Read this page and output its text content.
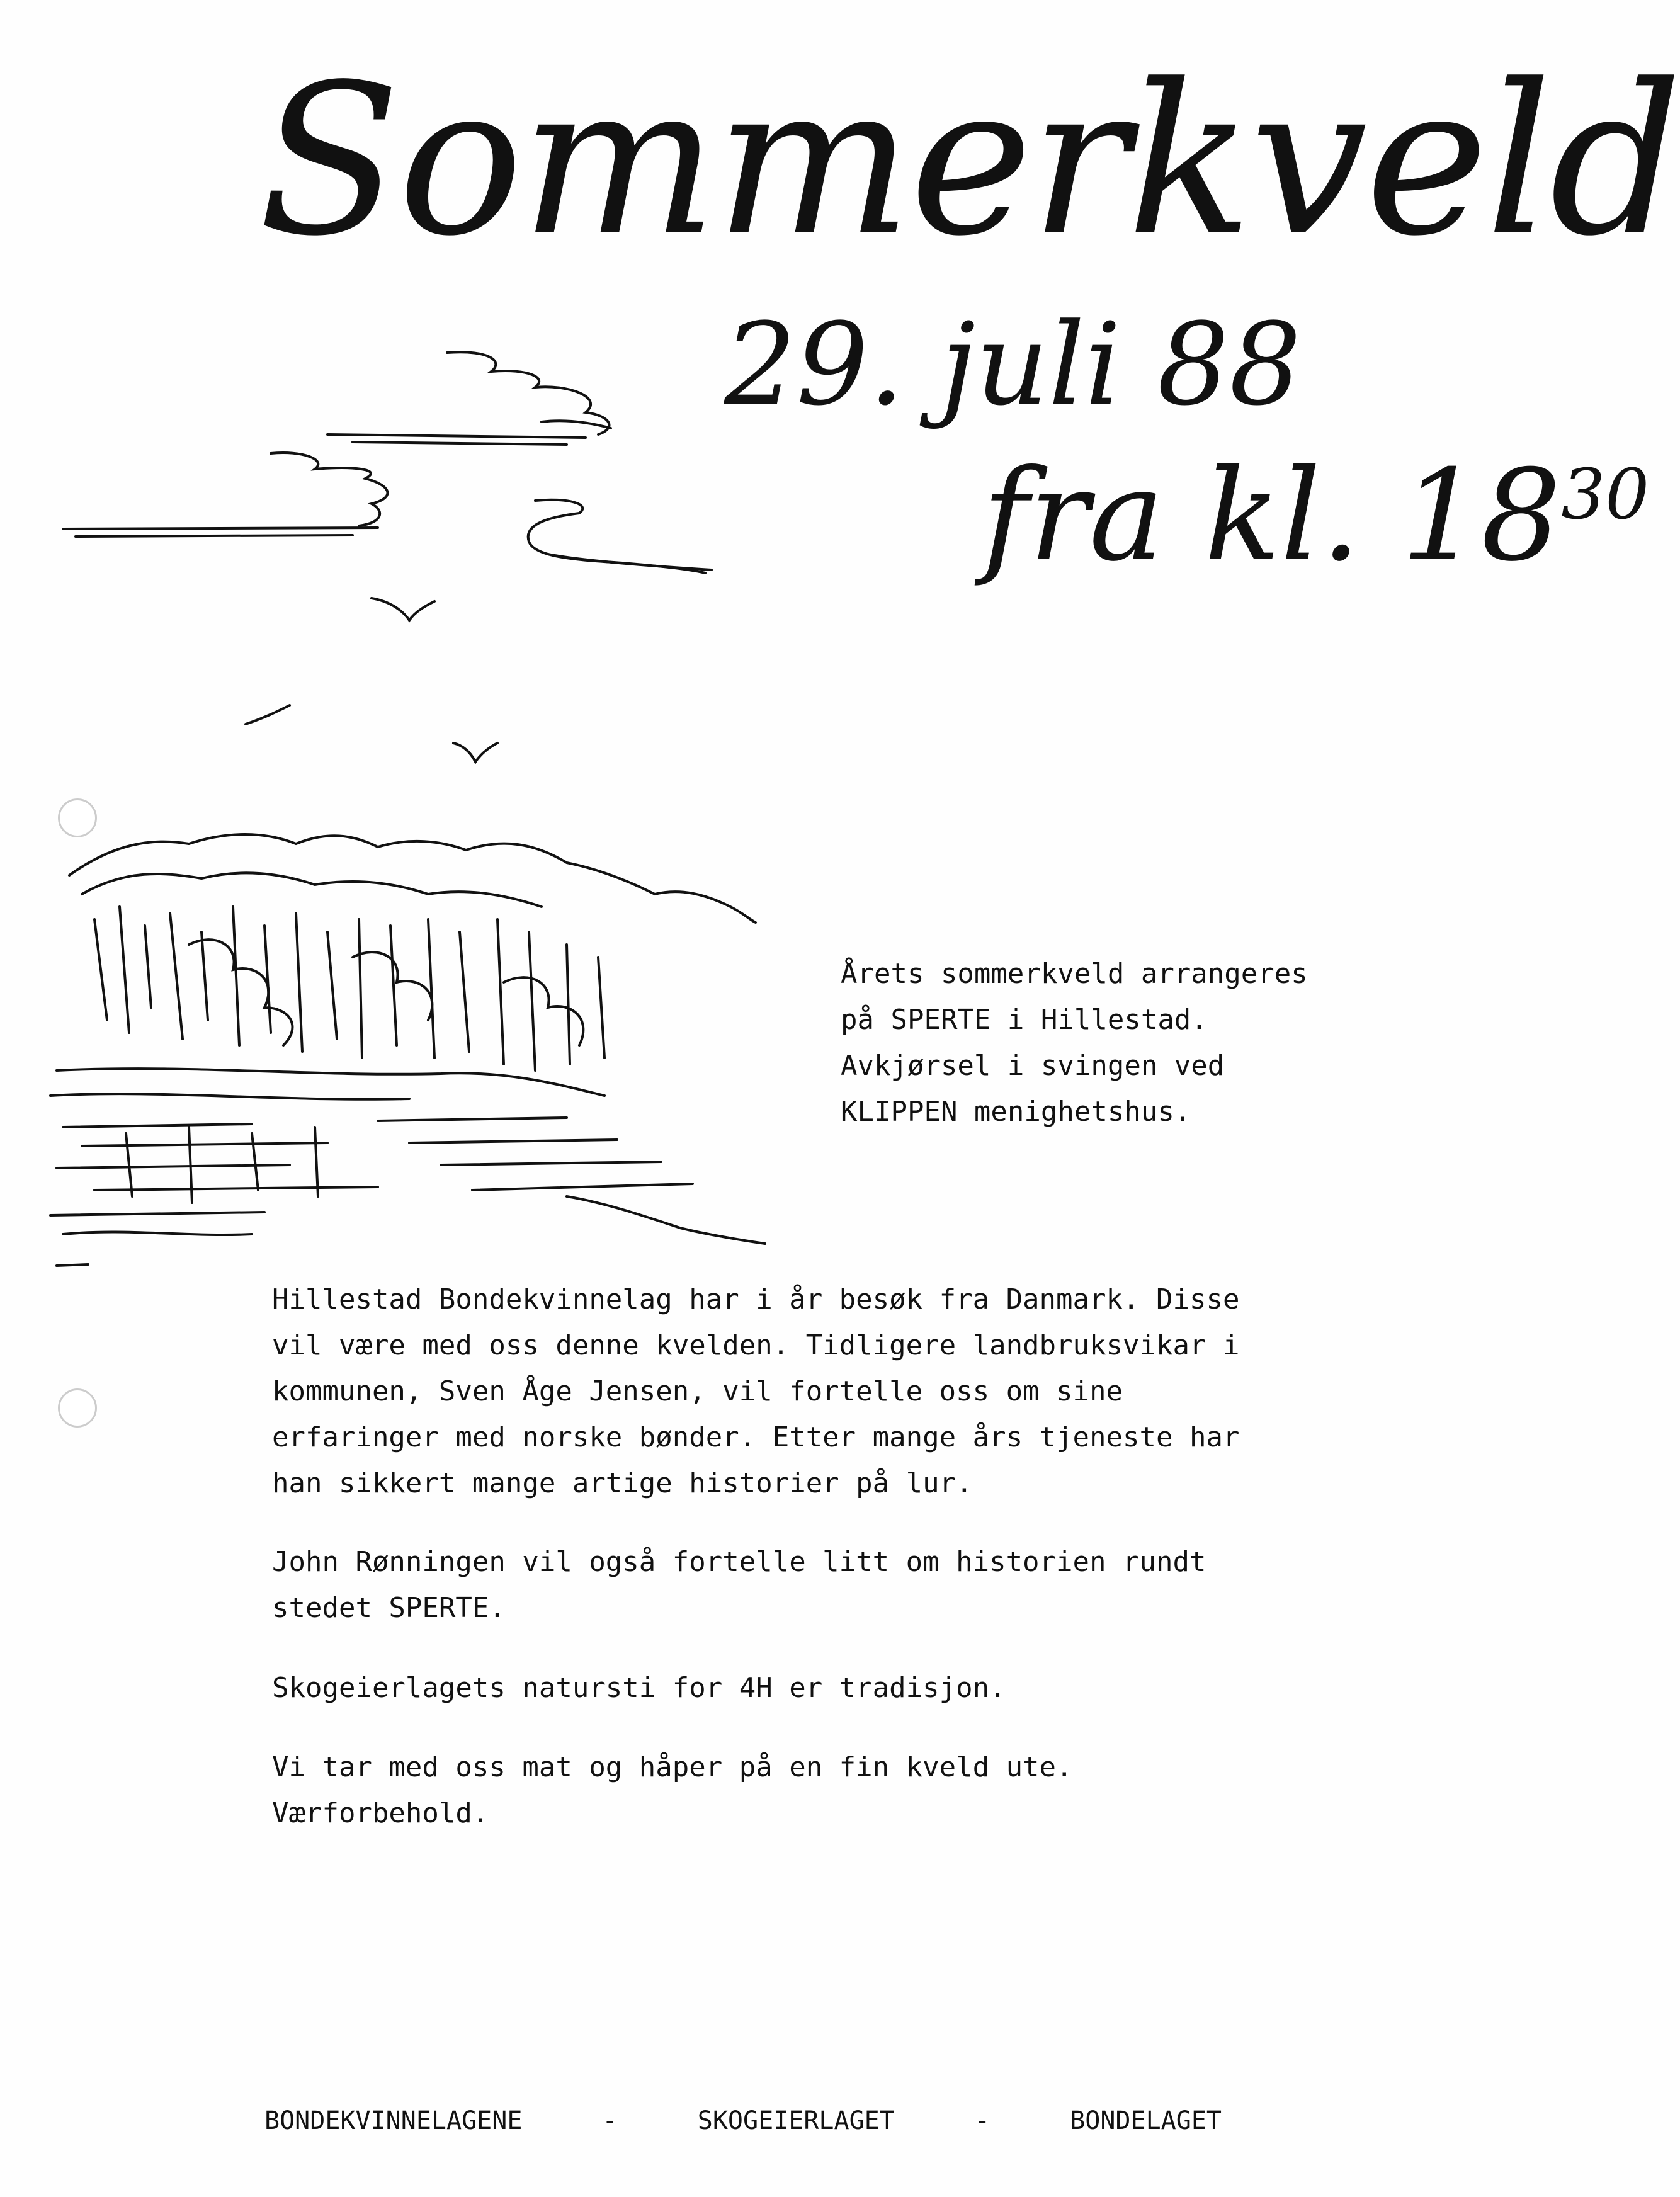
Sommerkveld
29. juli 88
fra kl. $18^{30}$
Årets sommerkveld arrangeres
på SPERTE i Hillestad.
Avkjørsel i svingen ved
KLIPPEN menighetshus.
Hillestad Bondekvinnelag har i år besøk fra Danmark. Disse
vil være med oss denne kvelden. Tidligere landbruksvikar i
kommunen, Sven Åge Jensen, vil fortelle oss om sine
erfaringer med norske bønder. Etter mange års tjeneste har
han sikkert mange artige historier på lur.
John Rønningen vil også fortelle litt om historien rundt
stedet SPERTE.
Skogeierlagets natursti for 4H er tradisjon.
Vi tar med oss mat og håper på en fin kveld ute.
Værforbehold.
BONDEKVINNELAGENE	-	SKOGEIERLAGET	-	BONDELAGET
